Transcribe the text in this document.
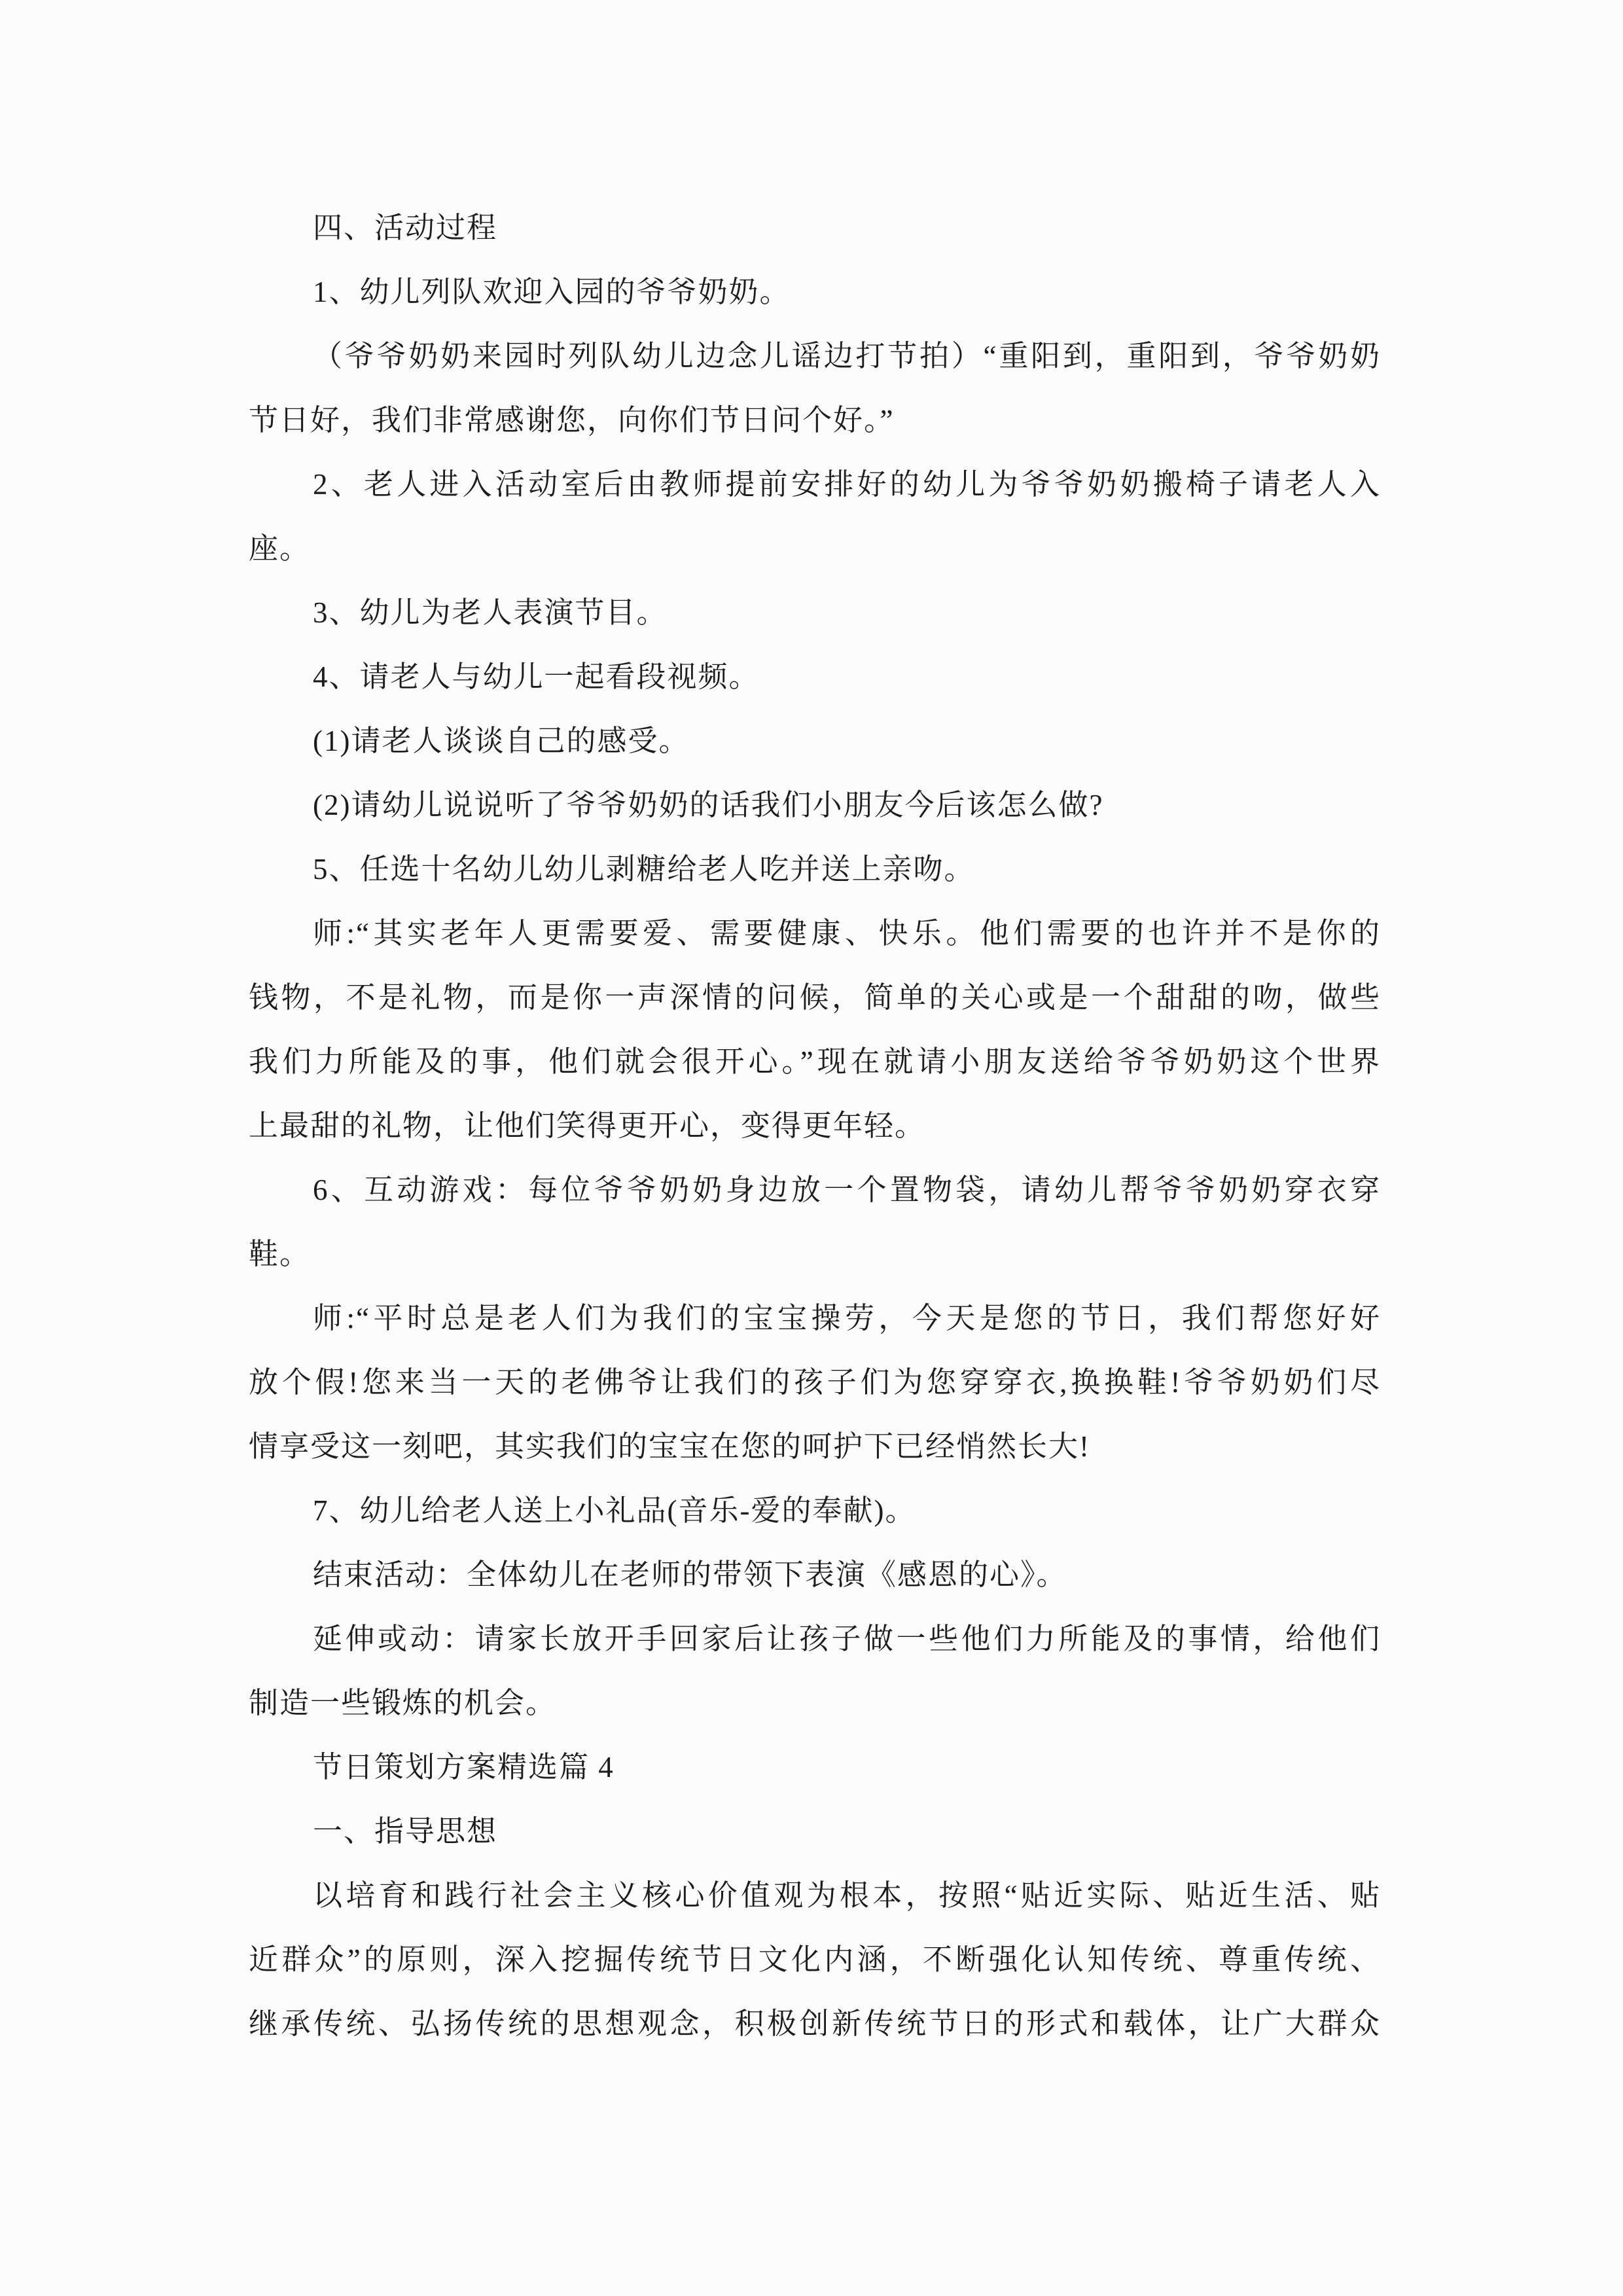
四、活动过程
1、幼儿列队欢迎入园的爷爷奶奶。
（爷爷奶奶来园时列队幼儿边念儿谣边打节拍）“重阳到，重阳到，爷爷奶奶
节日好，我们非常感谢您，向你们节日问个好。”
2、老人进入活动室后由教师提前安排好的幼儿为爷爷奶奶搬椅子请老人入
座。
3、幼儿为老人表演节目。
4、请老人与幼儿一起看段视频。
(1)请老人谈谈自己的感受。
(2)请幼儿说说听了爷爷奶奶的话我们小朋友今后该怎么做?
5、任选十名幼儿幼儿剥糖给老人吃并送上亲吻。
师:“其实老年人更需要爱、需要健康、快乐。他们需要的也许并不是你的
钱物，不是礼物，而是你一声深情的问候，简单的关心或是一个甜甜的吻，做些
我们力所能及的事，他们就会很开心。”现在就请小朋友送给爷爷奶奶这个世界
上最甜的礼物，让他们笑得更开心，变得更年轻。
6、互动游戏：每位爷爷奶奶身边放一个置物袋，请幼儿帮爷爷奶奶穿衣穿
鞋。
师:“平时总是老人们为我们的宝宝操劳，今天是您的节日，我们帮您好好
放个假!您来当一天的老佛爷让我们的孩子们为您穿穿衣,换换鞋!爷爷奶奶们尽
情享受这一刻吧，其实我们的宝宝在您的呵护下已经悄然长大!
7、幼儿给老人送上小礼品(音乐-爱的奉献)。
结束活动：全体幼儿在老师的带领下表演《感恩的心》。
延伸或动：请家长放开手回家后让孩子做一些他们力所能及的事情，给他们
制造一些锻炼的机会。
节日策划方案精选篇 4
一、指导思想
以培育和践行社会主义核心价值观为根本，按照“贴近实际、贴近生活、贴
近群众”的原则，深入挖掘传统节日文化内涵，不断强化认知传统、尊重传统、
继承传统、弘扬传统的思想观念，积极创新传统节日的形式和载体，让广大群众
